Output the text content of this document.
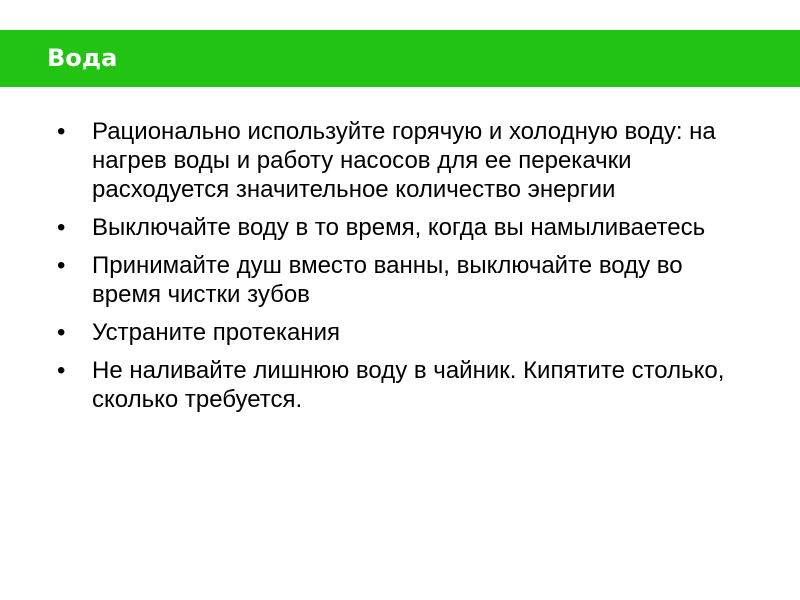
Вода
• Рационально используйте горячую и холодную воду: на нагрев воды и работу насосов для ее перекачки расходуется значительное количество энергии
• Выключайте воду в то время, когда вы намыливаетесь
• Принимайте душ вместо ванны, выключайте воду во время чистки зубов
• Устраните протекания
• Не наливайте лишнюю воду в чайник. Кипятите столько, сколько требуется.
